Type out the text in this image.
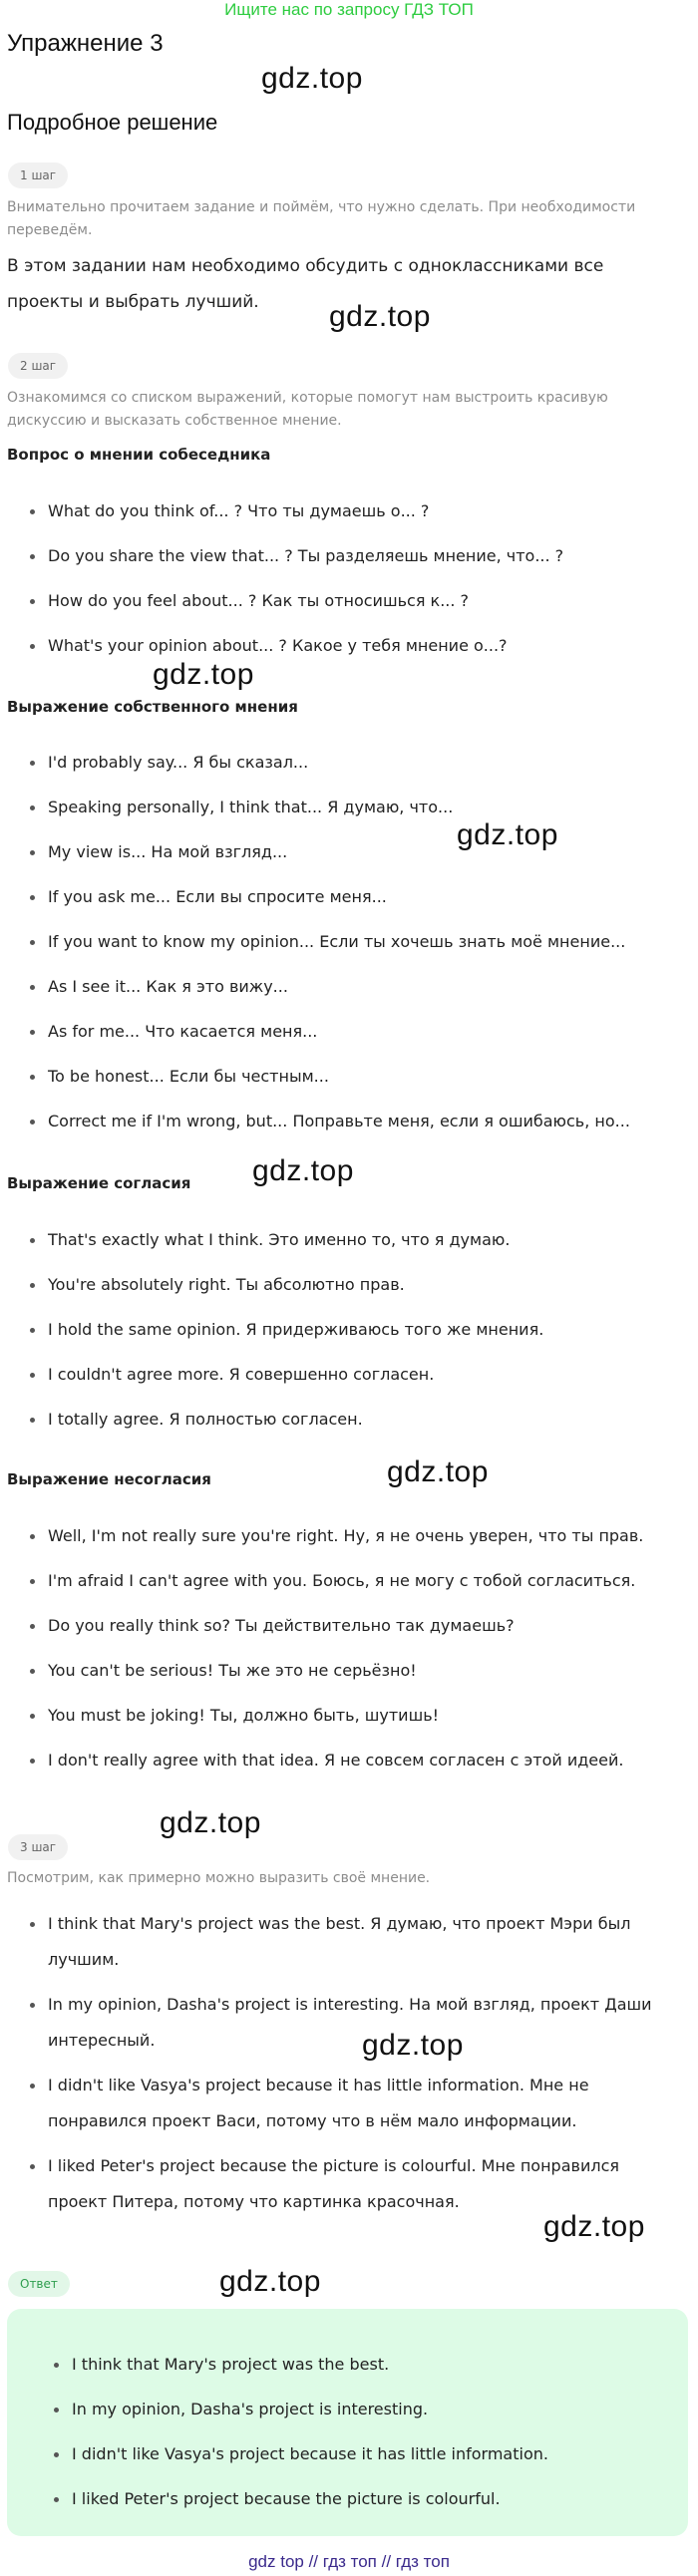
Ищите нас по запросу ГДЗ ТОП
Упражнение 3
gdz.top
Подробное решение
1 шаг
Внимательно прочитаем задание и поймём, что нужно сделать. При необходимости переведём.
В этом задании нам необходимо обсудить с одноклассниками все проекты и выбрать лучший.	gdz.top
2 шаг
Ознакомимся со списком выражений, которые помогут нам выстроить красивую дискуссию и высказать собственное мнение.
Вопрос о мнении собеседника
What do you think of... ? Что ты думаешь о... ?
Do you share the view that... ? Ты разделяешь мнение, что... ?
How do you feel about... ? Как ты относишься к... ?
What's your opinion about... ? Какое у тебя мнение о...?
gdz.top
Выражение собственного мнения
I'd probably say... Я бы сказал...
Speaking personally, I think that... Я думаю, что...
My view is... На мой взгляд...
If you ask me... Если вы спросите меня...
If you want to know my opinion... Если ты хочешь знать моё мнение...
As I see it... Как я это вижу...
As for me... Что касается меня...
To be honest... Если бы честным...
Correct me if I'm wrong, but... Поправьте меня, если я ошибаюсь, но...
gdz.top
Выражение согласия gdz.top
That's exactly what I think. Это именно то, что я думаю.
You're absolutely right. Ты абсолютно прав.
I hold the same opinion. Я придерживаюсь того же мнения.
I couldn't agree more. Я совершенно согласен.
I totally agree. Я полностью согласен.
Выражение несогласия	gdz.top
Well, I'm not really sure you're right. Ну, я не очень уверен, что ты прав.
I'm afraid I can't agree with you. Боюсь, я не могу с тобой согласиться.
Do you really think so? Ты действительно так думаешь?
You can't be serious! Ты же это не серьёзно!
You must be joking! Ты, должно быть, шутишь!
I don't really agree with that idea. Я не совсем согласен с этой идеей.
gdz.top
3 шаг
Посмотрим, как примерно можно выразить своё мнение.
I think that Mary's project was the best. Я думаю, что проект Мэри был лучшим.
In my opinion, Dasha's project is interesting. На мой взгляд, проект Даши интересный.
I didn't like Vasya's project because it has little information. Мне не понравился проект Васи, потому что в нём мало информации.
I liked Peter's project because the picture is colourful. Мне понравился проект Питера, потому что картинка красочная.
gdz.top
gdz.top
Ответ	gdz.top
I think that Mary's project was the best.
In my opinion, Dasha's project is interesting.
I didn't like Vasya's project because it has little information.
I liked Peter's project because the picture is colourful.
gdz top // гдз топ // гдз топ
